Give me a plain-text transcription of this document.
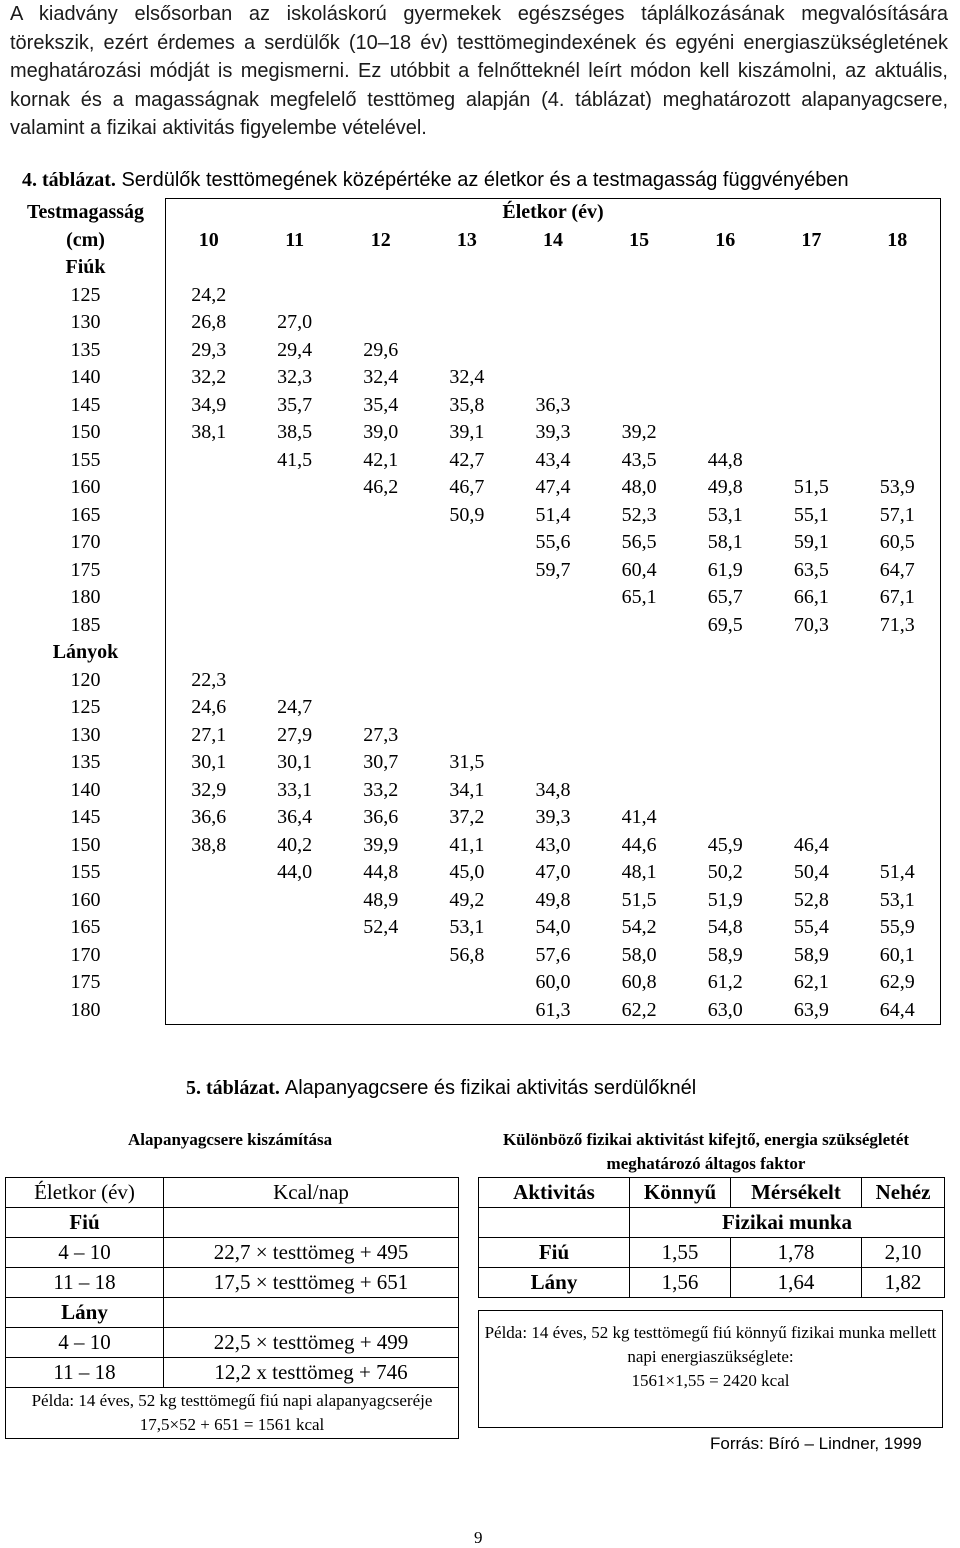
A kiadvány elsősorban az iskoláskorú gyermekek egészséges táplálkozásának megvalósítására törekszik, ezért érdemes a serdülők (10–18 év) testtömegindexének és egyéni energiaszükségletének meghatározási módját is megismerni. Ez utóbbit a felnőtteknél leírt módon kell kiszámolni, az aktuális, kornak és a magasságnak megfelelő testtömeg alapján (4. táblázat) meghatározott alapanyagcsere, valamint a fizikai aktivitás figyelembe vételével.
4. táblázat. Serdülők testtömegének középértéke az életkor és a testmagasság függvényében
Testmagasság	Életkor (év)								
(cm)	10	11	12	13	14	15	16	17	18
Fiúk									
125	24,2								
130	26,8	27,0							
135	29,3	29,4	29,6						
140	32,2	32,3	32,4	32,4					
145	34,9	35,7	35,4	35,8	36,3				
150	38,1	38,5	39,0	39,1	39,3	39,2			
155		41,5	42,1	42,7	43,4	43,5	44,8		
160			46,2	46,7	47,4	48,0	49,8	51,5	53,9
165				50,9	51,4	52,3	53,1	55,1	57,1
170					55,6	56,5	58,1	59,1	60,5
175					59,7	60,4	61,9	63,5	64,7
180						65,1	65,7	66,1	67,1
185							69,5	70,3	71,3
Lányok									
120	22,3								
125	24,6	24,7							
130	27,1	27,9	27,3						
135	30,1	30,1	30,7	31,5					
140	32,9	33,1	33,2	34,1	34,8				
145	36,6	36,4	36,6	37,2	39,3	41,4			
150	38,8	40,2	39,9	41,1	43,0	44,6	45,9	46,4	
155		44,0	44,8	45,0	47,0	48,1	50,2	50,4	51,4
160			48,9	49,2	49,8	51,5	51,9	52,8	53,1
165			52,4	53,1	54,0	54,2	54,8	55,4	55,9
170				56,8	57,6	58,0	58,9	58,9	60,1
175					60,0	60,8	61,2	62,1	62,9
180					61,3	62,2	63,0	63,9	64,4
5. táblázat. Alapanyagcsere és fizikai aktivitás serdülőknél
Alapanyagcsere kiszámítása	Különböző fizikai aktivitást kifejtő, energia szükségletét meghatározó áltagos faktor
Életkor (év)	Kcal/nap
Fiú	
4 – 10	22,7 × testtömeg + 495
11 – 18	17,5 × testtömeg + 651
Lány	
4 – 10	22,5 × testtömeg + 499
11 – 18	12,2 x testtömeg + 746
Példa: 14 éves, 52 kg testtömegű fiú napi alapanyagcseréje 17,5×52 + 651 = 1561 kcal	
Aktivitás	Könnyű	Mérsékelt	Nehéz
	Fizikai munka		
Fiú	1,55	1,78	2,10
Lány	1,56	1,64	1,82
Példa: 14 éves, 52 kg testtömegű fiú könnyű fizikai munka mellett napi energiaszükséglete:
1561×1,55 = 2420 kcal
Forrás: Bíró – Lindner, 1999
9
